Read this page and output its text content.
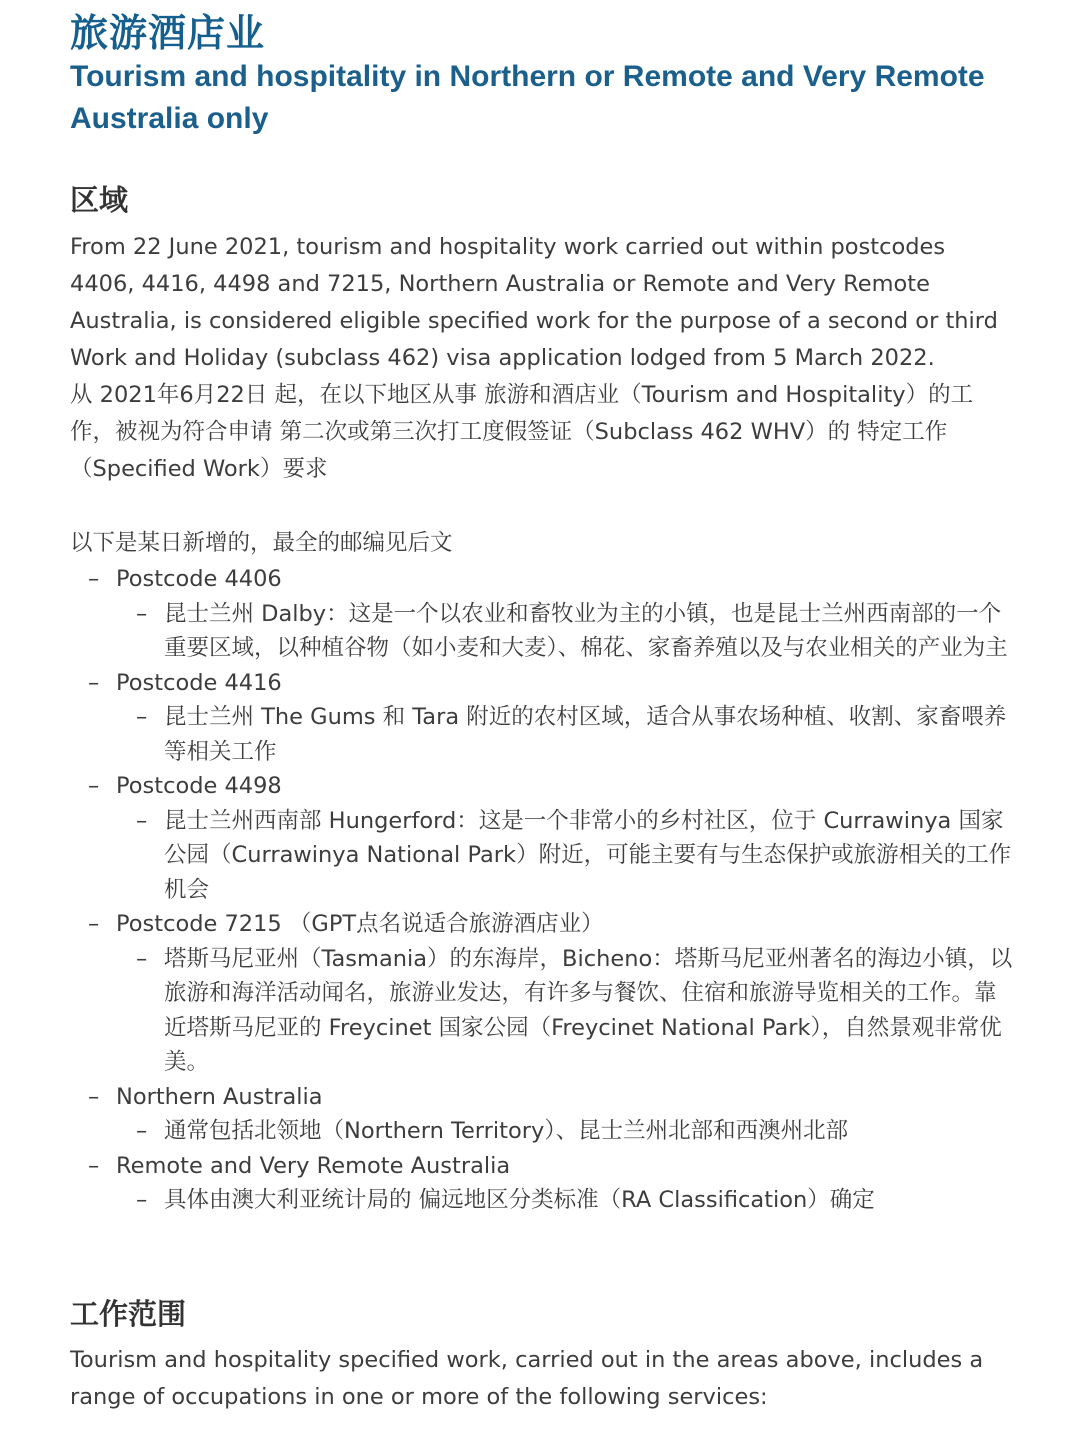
旅游酒店业
Tourism and hospitality in Northern or Remote and Very Remote Australia only
区域
From 22 June 2021, tourism and hospitality work carried out within postcodes 4406, 4416, 4498 and 7215, Northern Australia or Remote and Very Remote Australia, is considered eligible specified work for the purpose of a second or third Work and Holiday (subclass 462) visa application lodged from 5 March 2022.
从 2021年6月22日 起，在以下地区从事 旅游和酒店业（Tourism and Hospitality）的工作，被视为符合申请 第二次或第三次打工度假签证（Subclass 462 WHV）的 特定工作（Specified Work）要求
以下是某日新增的，最全的邮编见后文
– Postcode 4406
– 昆士兰州 Dalby：这是一个以农业和畜牧业为主的小镇，也是昆士兰州西南部的一个重要区域，以种植谷物（如小麦和大麦）、棉花、家畜养殖以及与农业相关的产业为主
– Postcode 4416
– 昆士兰州 The Gums 和 Tara 附近的农村区域，适合从事农场种植、收割、家畜喂养等相关工作
– Postcode 4498
– 昆士兰州西南部 Hungerford：这是一个非常小的乡村社区，位于 Currawinya 国家公园（Currawinya National Park）附近，可能主要有与生态保护或旅游相关的工作机会
– Postcode 7215 （GPT点名说适合旅游酒店业）
– 塔斯马尼亚州（Tasmania）的东海岸，Bicheno：塔斯马尼亚州著名的海边小镇，以旅游和海洋活动闻名，旅游业发达，有许多与餐饮、住宿和旅游导览相关的工作。靠近塔斯马尼亚的 Freycinet 国家公园（Freycinet National Park），自然景观非常优美。
– Northern Australia
– 通常包括北领地（Northern Territory）、昆士兰州北部和西澳州北部
– Remote and Very Remote Australia
– 具体由澳大利亚统计局的 偏远地区分类标准（RA Classification）确定
工作范围
Tourism and hospitality specified work, carried out in the areas above, includes a range of occupations in one or more of the following services:
